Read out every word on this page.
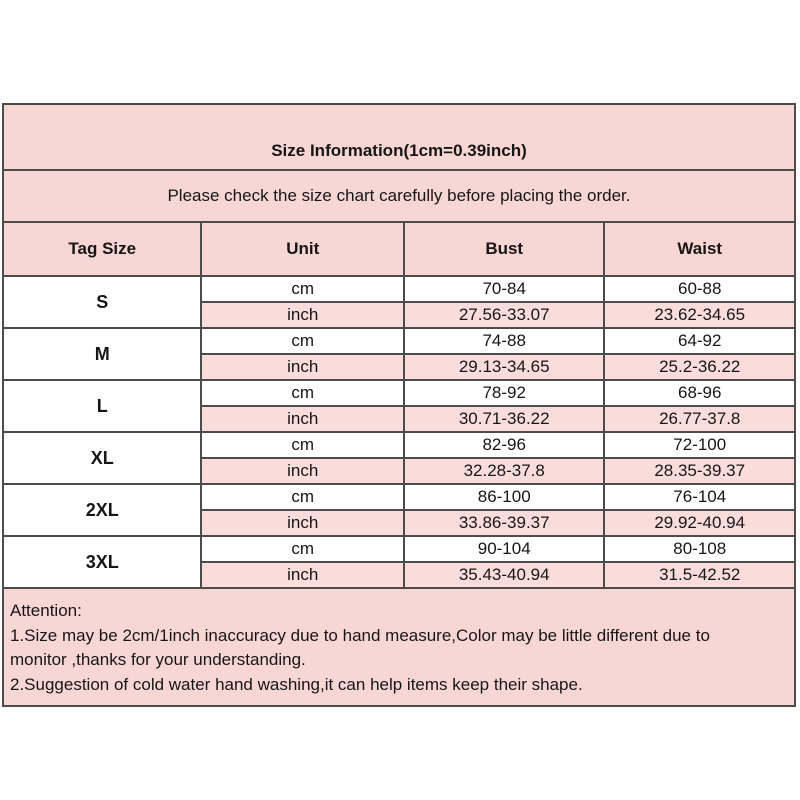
Size Information(1cm=0.39inch)			
Please check the size chart carefully before placing the order.			
Tag Size	Unit	Bust	Waist
S	cm	70-84	60-88
	inch	27.56-33.07	23.62-34.65
M	cm	74-88	64-92
	inch	29.13-34.65	25.2-36.22
L	cm	78-92	68-96
	inch	30.71-36.22	26.77-37.8
XL	cm	82-96	72-100
	inch	32.28-37.8	28.35-39.37
2XL	cm	86-100	76-104
	inch	33.86-39.37	29.92-40.94
3XL	cm	90-104	80-108
	inch	35.43-40.94	31.5-42.52

Attention:
1.Size may be 2cm/1inch inaccuracy due to hand measure,Color may be little different due to
monitor ,thanks for your understanding.
2.Suggestion of cold water hand washing,it can help items keep their shape.			
